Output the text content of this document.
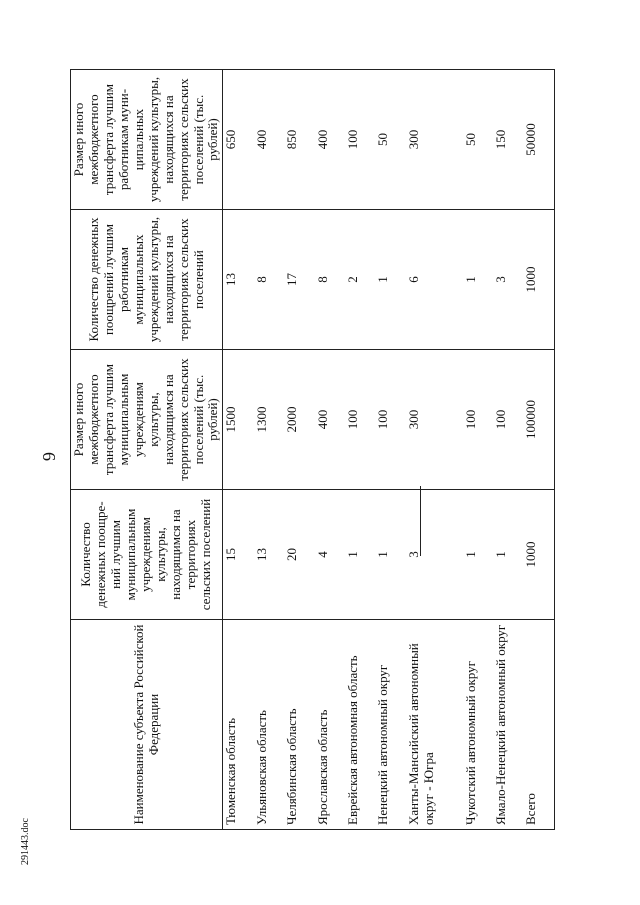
6
291443.doc
Наименование субъекта Российской Федерации	Количество денежных поощре-ний лучшим муниципальным учреждениям культуры, находящимся на территориях сельских поселений	Размер иного межбюджетного трансферта лучшим муниципальным учреждениям культуры, находящимся на территориях сельских поселений (тыс. рублей)	Количество денежных поощрений лучшим работникам муниципальных учреждений культуры, находящихся на территориях сельских поселений	Размер иного межбюджетного трансферта лучшим работникам муни-ципальных учреждений культуры, находящихся на территориях сельских поселений (тыс. рублей)
Тюменская область	15	1500	13	650
Ульяновская область	13	1300	8	400
Челябинская область	20	2000	17	850
Ярославская область	4	400	8	400
Еврейская автономная область	1	100	2	100
Ненецкий автономный округ	1	100	1	50
Ханты-Мансийский автономный округ - Югра	3	300	6	300
Чукотский автономный округ	1	100	1	50
Ямало-Ненецкий автономный округ	1	100	3	150
Всего	1000	100000	1000	50000
